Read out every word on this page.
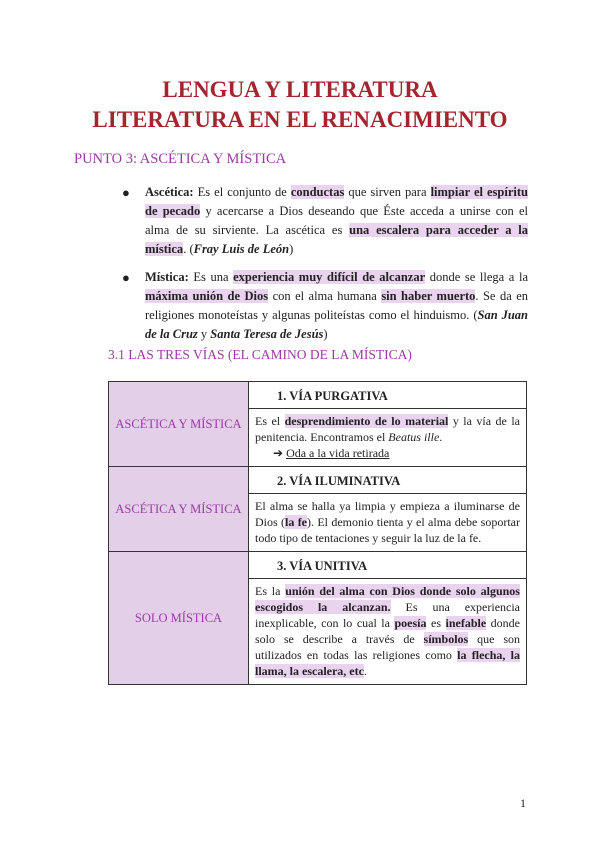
LENGUA Y LITERATURA
LITERATURA EN EL RENACIMIENTO
PUNTO 3: ASCÉTICA Y MÍSTICA
● Ascética: Es el conjunto de conductas que sirven para limpiar el espíritu de pecado y acercarse a Dios deseando que Éste acceda a unirse con el alma de su sirviente. La ascética es una escalera para acceder a la mística. (Fray Luis de León)
● Mística: Es una experiencia muy difícil de alcanzar donde se llega a la máxima unión de Dios con el alma humana sin haber muerto. Se da en religiones monoteístas y algunas politeístas como el hinduismo. (San Juan de la Cruz y Santa Teresa de Jesús)
3.1 LAS TRES VÍAS (EL CAMINO DE LA MÍSTICA)
ASCÉTICA Y MÍSTICA	1. VÍA PURGATIVA
	Es el desprendimiento de lo material y la vía de la penitencia. Encontramos el Beatus ille.
➔ Oda a la vida retirada

ASCÉTICA Y MÍSTICA	2. VÍA ILUMINATIVA
	El alma se halla ya limpia y empieza a iluminarse de Dios (la fe). El demonio tienta y el alma debe soportar todo tipo de tentaciones y seguir la luz de la fe.
SOLO MÍSTICA	3. VÍA UNITIVA
	Es la unión del alma con Dios donde solo algunos escogidos la alcanzan. Es una experiencia inexplicable, con lo cual la poesía es inefable donde solo se describe a través de símbolos que son utilizados en todas las religiones como la flecha, la llama, la escalera, etc.
1
